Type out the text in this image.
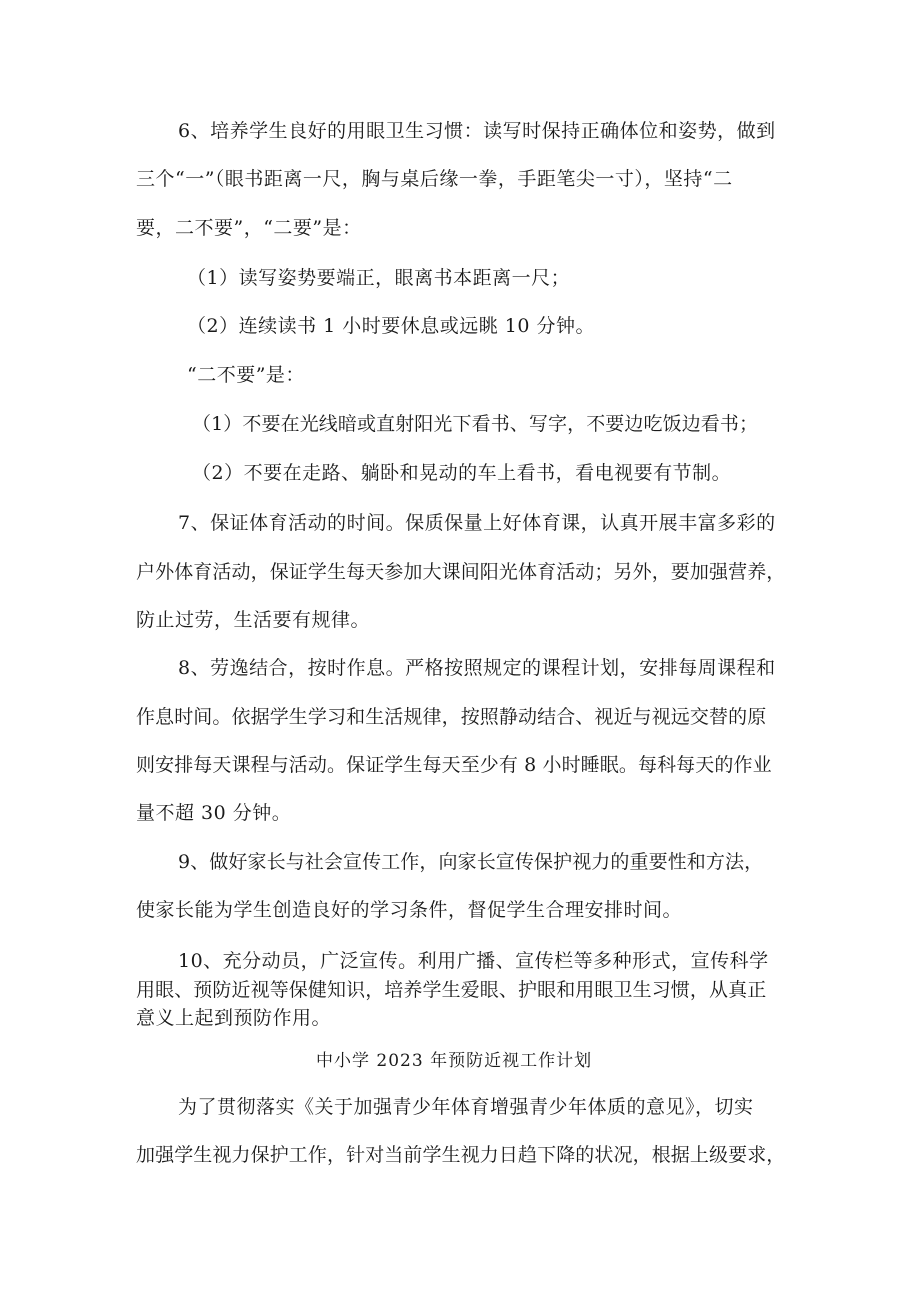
6、培养学生良好的用眼卫生习惯：读写时保持正确体位和姿势，做到

三个“一”（眼书距离一尺，胸与桌后缘一拳，手距笔尖一寸），坚持“二

要，二不要”，“二要”是：

（1）读写姿势要端正，眼离书本距离一尺；

（2）连续读书 1 小时要休息或远眺 10 分钟。

“二不要”是：

（1）不要在光线暗或直射阳光下看书、写字，不要边吃饭边看书；

（2）不要在走路、躺卧和晃动的车上看书，看电视要有节制。

7、保证体育活动的时间。保质保量上好体育课，认真开展丰富多彩的

户外体育活动，保证学生每天参加大课间阳光体育活动；另外，要加强营养，

防止过劳，生活要有规律。

8、劳逸结合，按时作息。严格按照规定的课程计划，安排每周课程和

作息时间。依据学生学习和生活规律，按照静动结合、视近与视远交替的原

则安排每天课程与活动。保证学生每天至少有 8 小时睡眠。每科每天的作业

量不超 30 分钟。

9、做好家长与社会宣传工作，向家长宣传保护视力的重要性和方法，

使家长能为学生创造良好的学习条件，督促学生合理安排时间。

10、充分动员，广泛宣传。利用广播、宣传栏等多种形式，宣传科学

用眼、预防近视等保健知识，培养学生爱眼、护眼和用眼卫生习惯，从真正

意义上起到预防作用。

中小学 2023 年预防近视工作计划

为了贯彻落实《关于加强青少年体育增强青少年体质的意见》，切实

加强学生视力保护工作，针对当前学生视力日趋下降的状况，根据上级要求，
